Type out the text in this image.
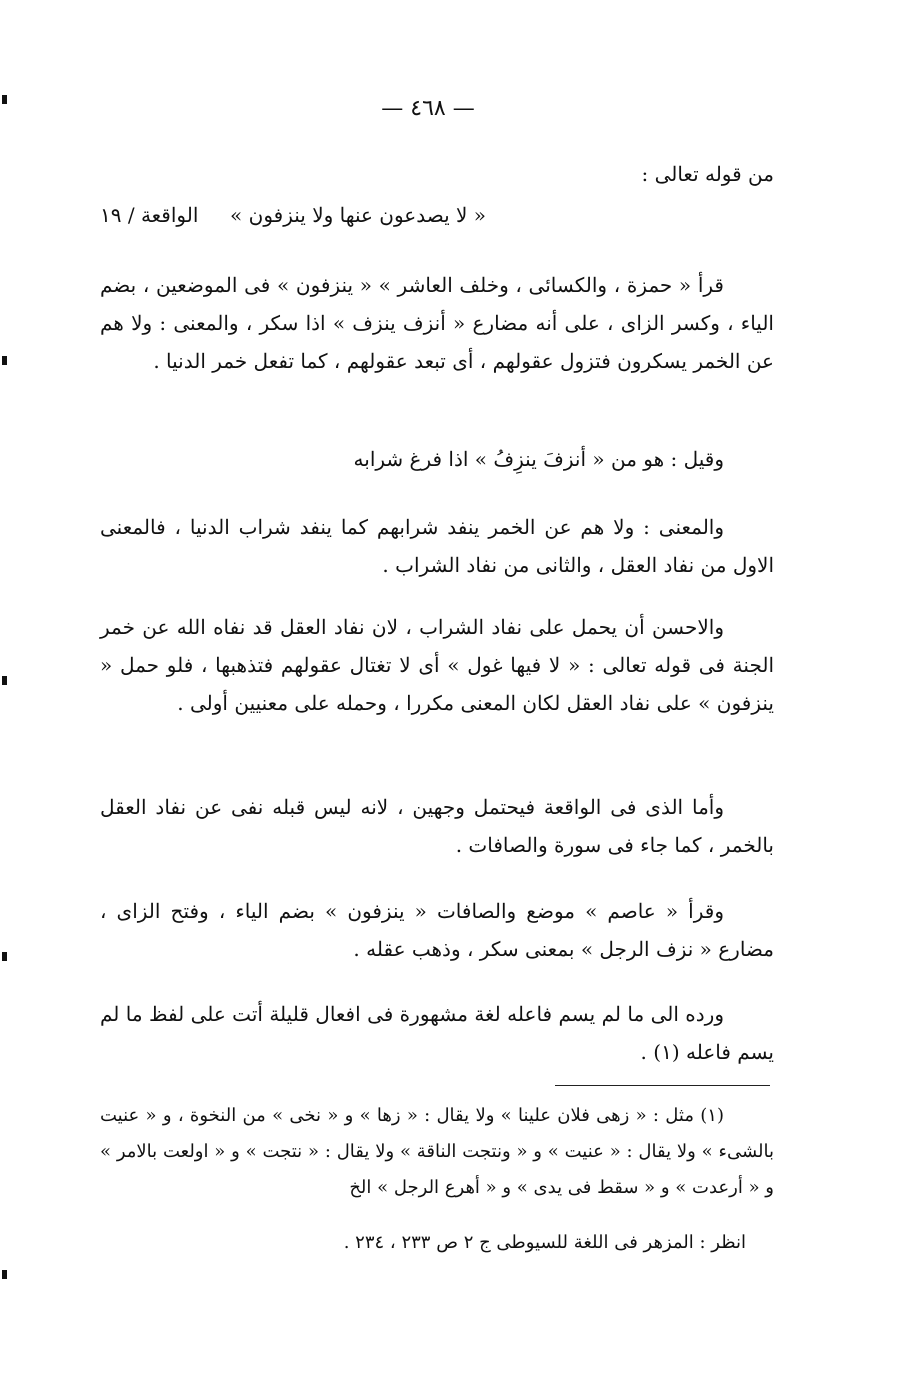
— ٤٦٨ —
من قوله تعالى :
« لا يصدعون عنها ولا ينزفون »
الواقعة / ١٩
قرأ « حمزة ، والكسائى ، وخلف العاشر » « ينزفون » فى الموضعين ، بضم الياء ، وكسر الزاى ، على أنه مضارع « أنزف ينزف » اذا سكر ، والمعنى : ولا هم عن الخمر يسكرون فتزول عقولهم ، أى تبعد عقولهم ، كما تفعل خمر الدنيا .
وقيل : هو من « أنزفَ ينزِفُ » اذا فرغ شرابه
والمعنى : ولا هم عن الخمر ينفد شرابهم كما ينفد شراب الدنيا ، فالمعنى الاول من نفاد العقل ، والثانى من نفاد الشراب .
والاحسن أن يحمل على نفاد الشراب ، لان نفاد العقل قد نفاه الله عن خمر الجنة فى قوله تعالى : « لا فيها غول » أى لا تغتال عقولهم فتذهبها ، فلو حمل « ينزفون » على نفاد العقل لكان المعنى مكررا ، وحمله على معنيين أولى .
وأما الذى فى الواقعة فيحتمل وجهين ، لانه ليس قبله نفى عن نفاد العقل بالخمر ، كما جاء فى سورة والصافات .
وقرأ « عاصم » موضع والصافات « ينزفون » بضم الياء ، وفتح الزاى ، مضارع « نزف الرجل » بمعنى سكر ، وذهب عقله .
ورده الى ما لم يسم فاعله لغة مشهورة فى افعال قليلة أتت على لفظ ما لم يسم فاعله (١) .
(١) مثل : « زهى فلان علينا » ولا يقال : « زها » و « نخى » من النخوة ، و « عنيت بالشىء » ولا يقال : « عنيت » و « ونتجت الناقة » ولا يقال : « نتجت » و « اولعت بالامر » و « أرعدت » و « سقط فى يدى » و « أهرع الرجل » الخ
انظر : المزهر فى اللغة للسيوطى ج ٢ ص ٢٣٣ ، ٢٣٤ .
